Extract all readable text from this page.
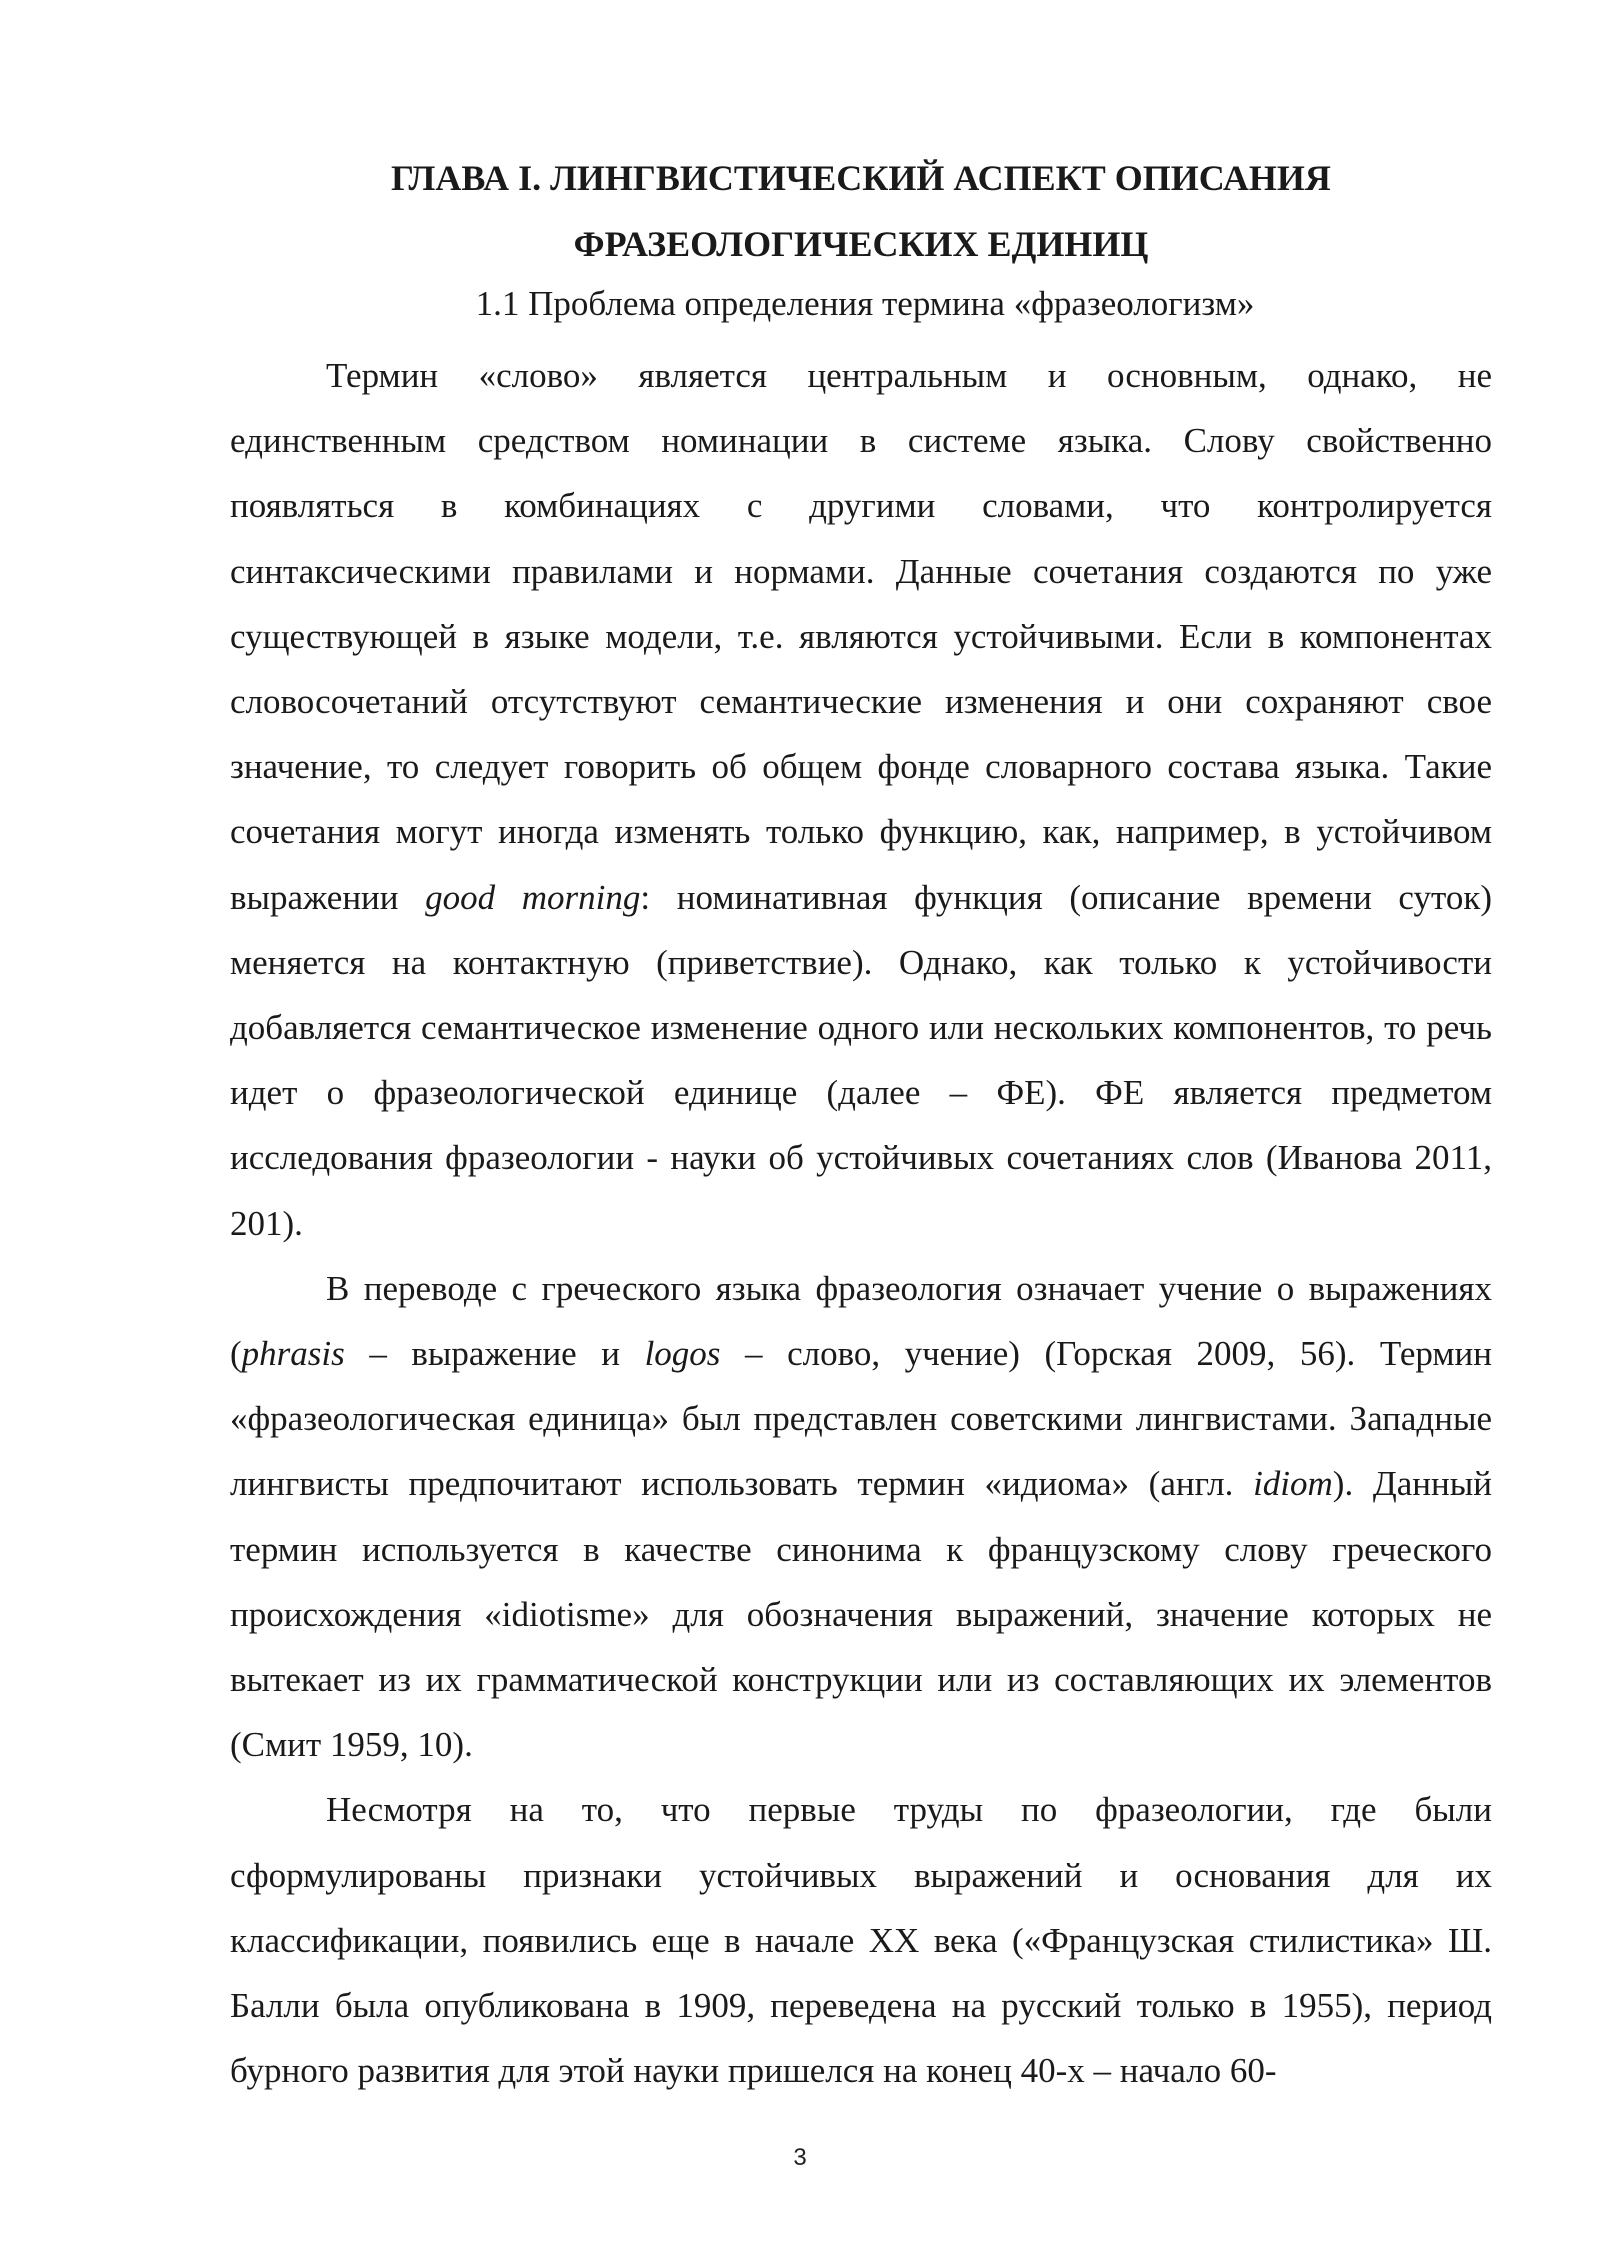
ГЛАВА I. ЛИНГВИСТИЧЕСКИЙ АСПЕКТ ОПИСАНИЯ
ФРАЗЕОЛОГИЧЕСКИХ ЕДИНИЦ
1.1 Проблема определения термина «фразеологизм»

Термин «слово» является центральным и основным, однако, не единственным средством номинации в системе языка. Слову свойственно появляться в комбинациях с другими словами, что контролируется синтаксическими правилами и нормами. Данные сочетания создаются по уже существующей в языке модели, т.е. являются устойчивыми. Если в компонентах словосочетаний отсутствуют семантические изменения и они сохраняют свое значение, то следует говорить об общем фонде словарного состава языка. Такие сочетания могут иногда изменять только функцию, как, например, в устойчивом выражении good morning: номинативная функция (описание времени суток) меняется на контактную (приветствие). Однако, как только к устойчивости добавляется семантическое изменение одного или нескольких компонентов, то речь идет о фразеологической единице (далее – ФЕ). ФЕ является предметом исследования фразеологии - науки об устойчивых сочетаниях слов (Иванова 2011, 201).

В переводе с греческого языка фразеология означает учение о выражениях (phrasis – выражение и logos – слово, учение) (Горская 2009, 56). Термин «фразеологическая единица» был представлен советскими лингвистами. Западные лингвисты предпочитают использовать термин «идиома» (англ. idiom). Данный термин используется в качестве синонима к французскому слову греческого происхождения «idiotisme» для обозначения выражений, значение которых не вытекает из их грамматической конструкции или из составляющих их элементов (Смит 1959, 10).

Несмотря на то, что первые труды по фразеологии, где были сформулированы признаки устойчивых выражений и основания для их классификации, появились еще в начале XX века («Французская стилистика» Ш. Балли была опубликована в 1909, переведена на русский только в 1955), период бурного развития для этой науки пришелся на конец 40-х – начало 60-

3
